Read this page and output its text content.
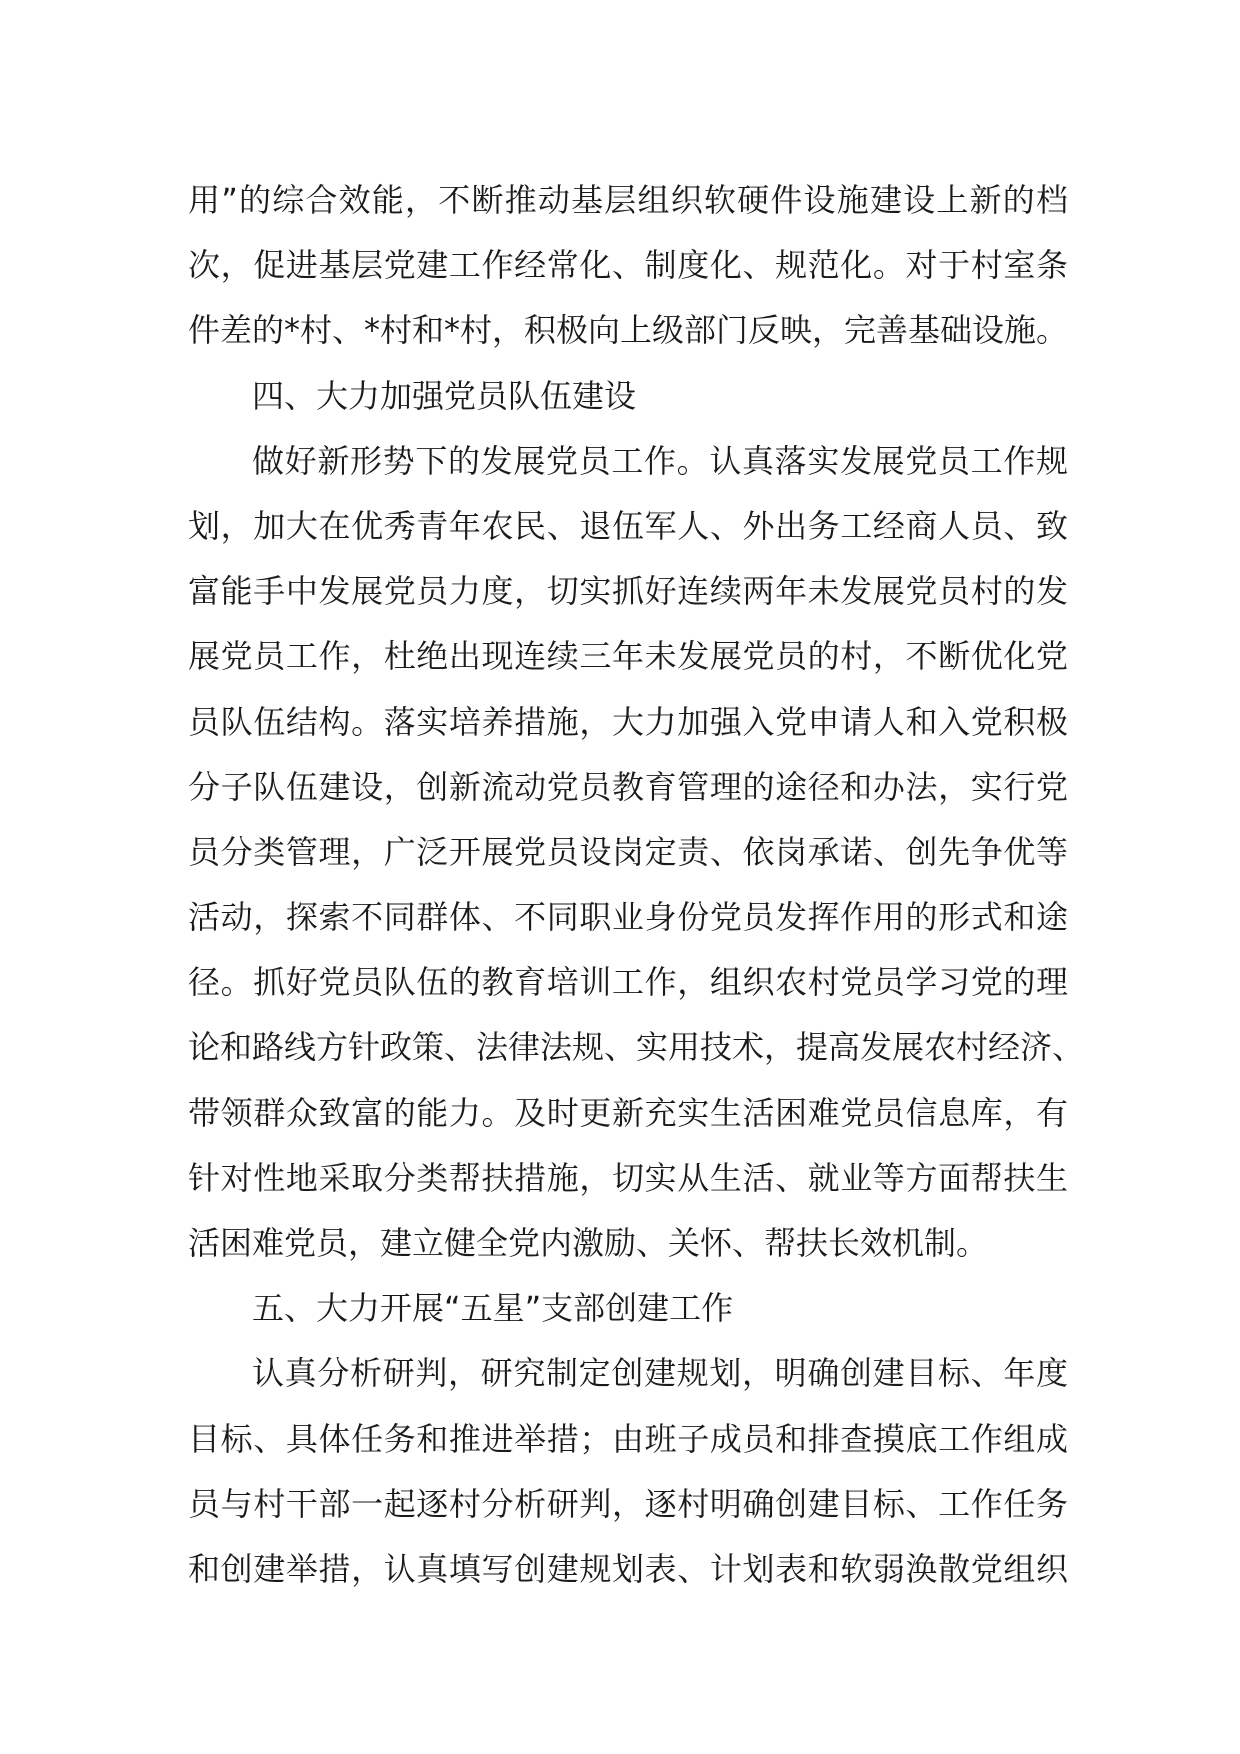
用”的综合效能，不断推动基层组织软硬件设施建设上新的档
次，促进基层党建工作经常化、制度化、规范化。对于村室条
件差的*村、*村和*村，积极向上级部门反映，完善基础设施。
四、大力加强党员队伍建设
做好新形势下的发展党员工作。认真落实发展党员工作规
划，加大在优秀青年农民、退伍军人、外出务工经商人员、致
富能手中发展党员力度，切实抓好连续两年未发展党员村的发
展党员工作，杜绝出现连续三年未发展党员的村，不断优化党
员队伍结构。落实培养措施，大力加强入党申请人和入党积极
分子队伍建设，创新流动党员教育管理的途径和办法，实行党
员分类管理，广泛开展党员设岗定责、依岗承诺、创先争优等
活动，探索不同群体、不同职业身份党员发挥作用的形式和途
径。抓好党员队伍的教育培训工作，组织农村党员学习党的理
论和路线方针政策、法律法规、实用技术，提高发展农村经济、
带领群众致富的能力。及时更新充实生活困难党员信息库，有
针对性地采取分类帮扶措施，切实从生活、就业等方面帮扶生
活困难党员，建立健全党内激励、关怀、帮扶长效机制。
五、大力开展“五星”支部创建工作
认真分析研判，研究制定创建规划，明确创建目标、年度
目标、具体任务和推进举措；由班子成员和排查摸底工作组成
员与村干部一起逐村分析研判，逐村明确创建目标、工作任务
和创建举措，认真填写创建规划表、计划表和软弱涣散党组织
